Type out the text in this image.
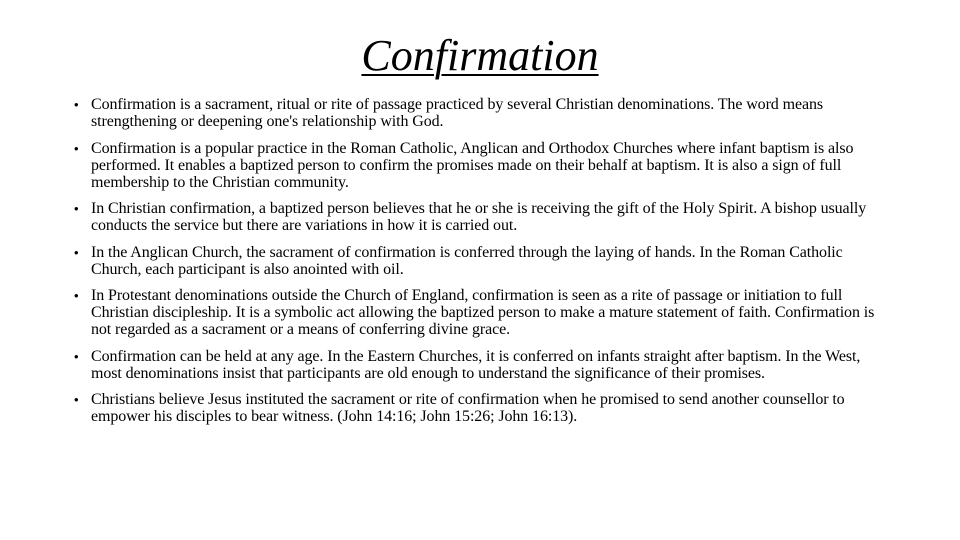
Confirmation
• Confirmation is a sacrament, ritual or rite of passage practiced by several Christian denominations. The word means strengthening or deepening one's relationship with God.
• Confirmation is a popular practice in the Roman Catholic, Anglican and Orthodox Churches where infant baptism is also performed. It enables a baptized person to confirm the promises made on their behalf at baptism. It is also a sign of full membership to the Christian community.
• In Christian confirmation, a baptized person believes that he or she is receiving the gift of the Holy Spirit. A bishop usually conducts the service but there are variations in how it is carried out.
• In the Anglican Church, the sacrament of confirmation is conferred through the laying of hands. In the Roman Catholic Church, each participant is also anointed with oil.
• In Protestant denominations outside the Church of England, confirmation is seen as a rite of passage or initiation to full Christian discipleship. It is a symbolic act allowing the baptized person to make a mature statement of faith. Confirmation is not regarded as a sacrament or a means of conferring divine grace.
• Confirmation can be held at any age. In the Eastern Churches, it is conferred on infants straight after baptism. In the West, most denominations insist that participants are old enough to understand the significance of their promises.
• Christians believe Jesus instituted the sacrament or rite of confirmation when he promised to send another counsellor to empower his disciples to bear witness. (John 14:16; John 15:26; John 16:13).
